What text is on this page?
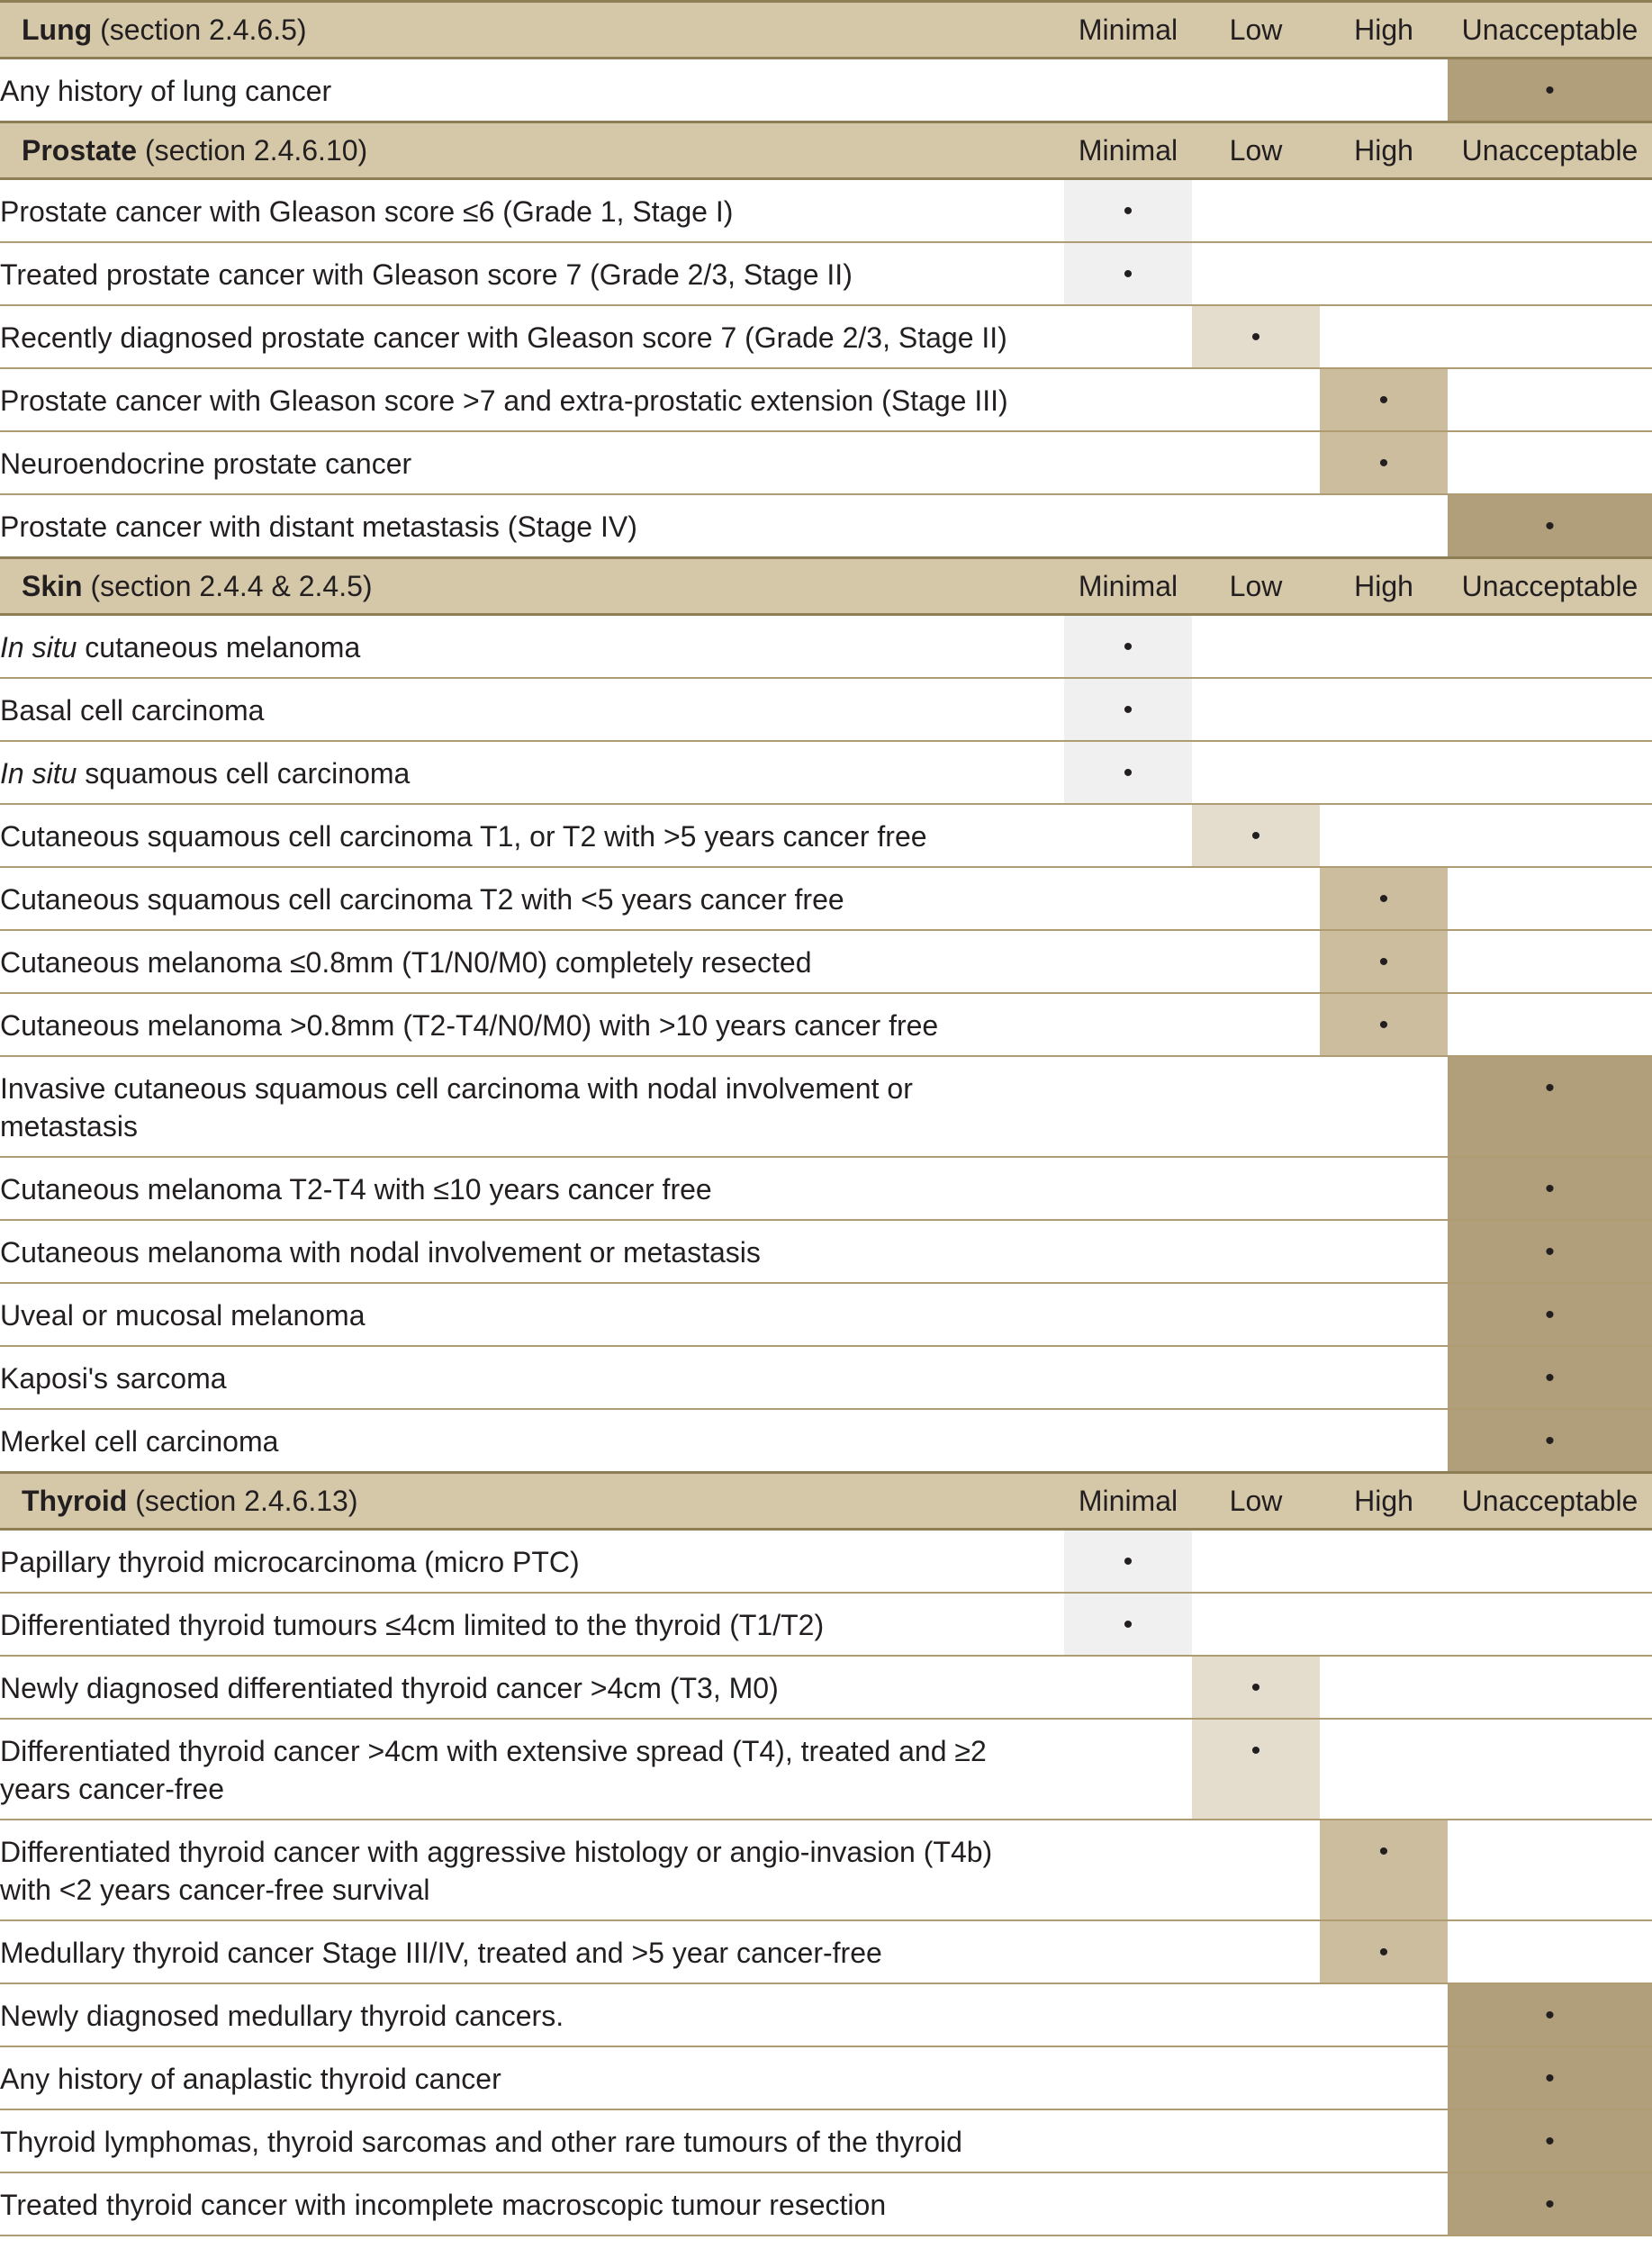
Lung (section 2.4.6.5)	Minimal	Low	High	Unacceptable
Any history of lung cancer				•
Prostate (section 2.4.6.10)	Minimal	Low	High	Unacceptable
Prostate cancer with Gleason score ≤6 (Grade 1, Stage I)	•			
Treated prostate cancer with Gleason score 7 (Grade 2/3, Stage II)	•			
Recently diagnosed prostate cancer with Gleason score 7 (Grade 2/3, Stage II)		•		
Prostate cancer with Gleason score >7 and extra-prostatic extension (Stage III)			•	
Neuroendocrine prostate cancer			•	
Prostate cancer with distant metastasis (Stage IV)				•
Skin (section 2.4.4 & 2.4.5)	Minimal	Low	High	Unacceptable
In situ cutaneous melanoma	•			
Basal cell carcinoma	•			
In situ squamous cell carcinoma	•			
Cutaneous squamous cell carcinoma T1, or T2 with >5 years cancer free		•		
Cutaneous squamous cell carcinoma T2 with <5 years cancer free			•	
Cutaneous melanoma ≤0.8mm (T1/N0/M0) completely resected			•	
Cutaneous melanoma >0.8mm (T2-T4/N0/M0) with >10 years cancer free			•	
Invasive cutaneous squamous cell carcinoma with nodal involvement or metastasis				•
Cutaneous melanoma T2-T4 with ≤10 years cancer free				•
Cutaneous melanoma with nodal involvement or metastasis				•
Uveal or mucosal melanoma				•
Kaposi's sarcoma				•
Merkel cell carcinoma				•
Thyroid (section 2.4.6.13)	Minimal	Low	High	Unacceptable
Papillary thyroid microcarcinoma (micro PTC)	•			
Differentiated thyroid tumours ≤4cm limited to the thyroid (T1/T2)	•			
Newly diagnosed differentiated thyroid cancer >4cm (T3, M0)		•		
Differentiated thyroid cancer >4cm with extensive spread (T4), treated and ≥2 years cancer-free		•		
Differentiated thyroid cancer with aggressive histology or angio-invasion (T4b) with <2 years cancer-free survival			•	
Medullary thyroid cancer Stage III/IV, treated and >5 year cancer-free			•	
Newly diagnosed medullary thyroid cancers.				•
Any history of anaplastic thyroid cancer				•
Thyroid lymphomas, thyroid sarcomas and other rare tumours of the thyroid				•
Treated thyroid cancer with incomplete macroscopic tumour resection				•
